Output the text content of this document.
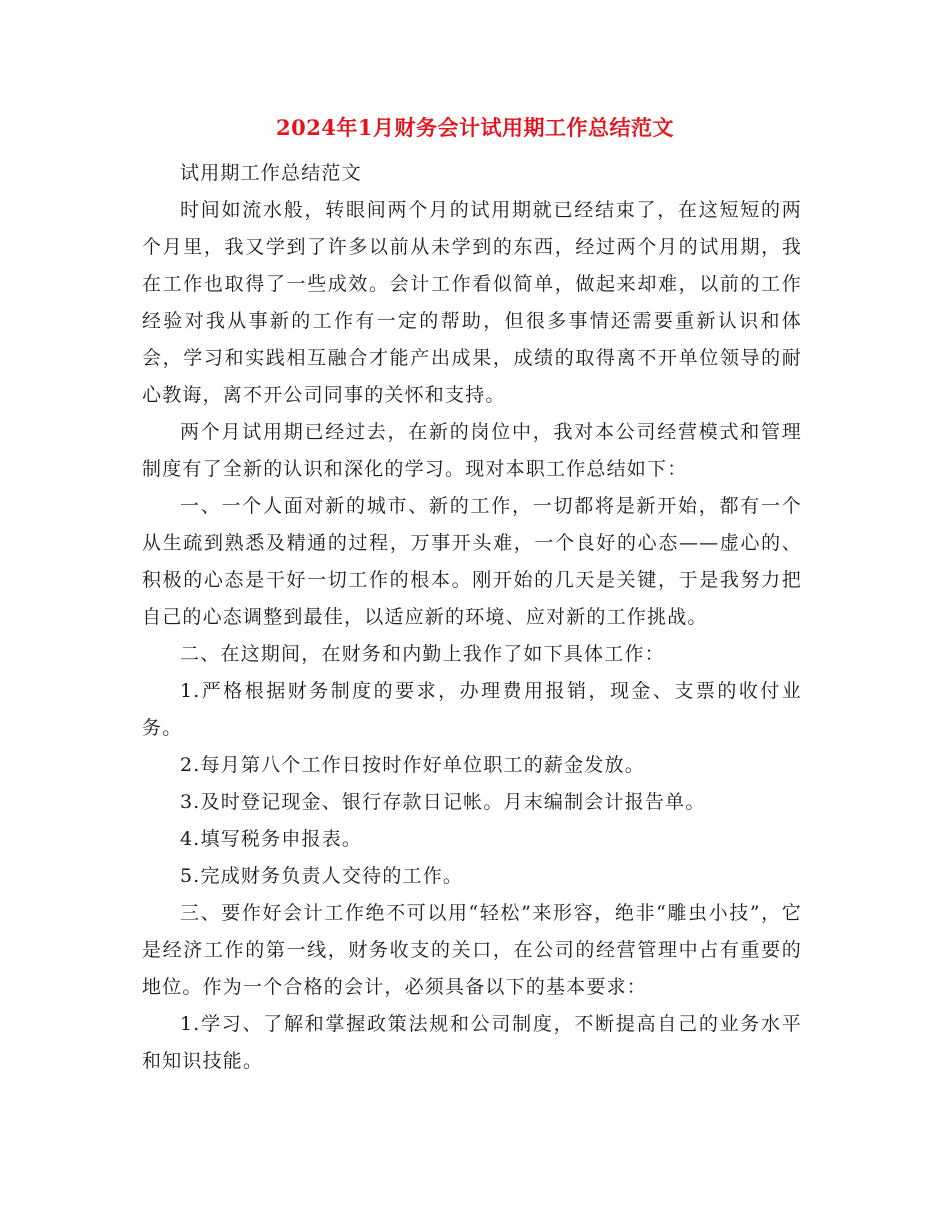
2024年1月财务会计试用期工作总结范文

试用期工作总结范文

时间如流水般，转眼间两个月的试用期就已经结束了，在这短短的两个月里，我又学到了许多以前从未学到的东西，经过两个月的试用期，我在工作也取得了一些成效。会计工作看似简单，做起来却难，以前的工作经验对我从事新的工作有一定的帮助，但很多事情还需要重新认识和体会，学习和实践相互融合才能产出成果，成绩的取得离不开单位领导的耐心教诲，离不开公司同事的关怀和支持。

两个月试用期已经过去，在新的岗位中，我对本公司经营模式和管理制度有了全新的认识和深化的学习。现对本职工作总结如下：

一、一个人面对新的城市、新的工作，一切都将是新开始，都有一个从生疏到熟悉及精通的过程，万事开头难，一个良好的心态——虚心的、积极的心态是干好一切工作的根本。刚开始的几天是关键，于是我努力把自己的心态调整到最佳，以适应新的环境、应对新的工作挑战。

二、在这期间，在财务和内勤上我作了如下具体工作：

1.严格根据财务制度的要求，办理费用报销，现金、支票的收付业务。

2.每月第八个工作日按时作好单位职工的薪金发放。

3.及时登记现金、银行存款日记帐。月末编制会计报告单。

4.填写税务申报表。

5.完成财务负责人交待的工作。

三、要作好会计工作绝不可以用“轻松”来形容，绝非“雕虫小技”，它是经济工作的第一线，财务收支的关口，在公司的经营管理中占有重要的地位。作为一个合格的会计，必须具备以下的基本要求：

1.学习、了解和掌握政策法规和公司制度，不断提高自己的业务水平和知识技能。
